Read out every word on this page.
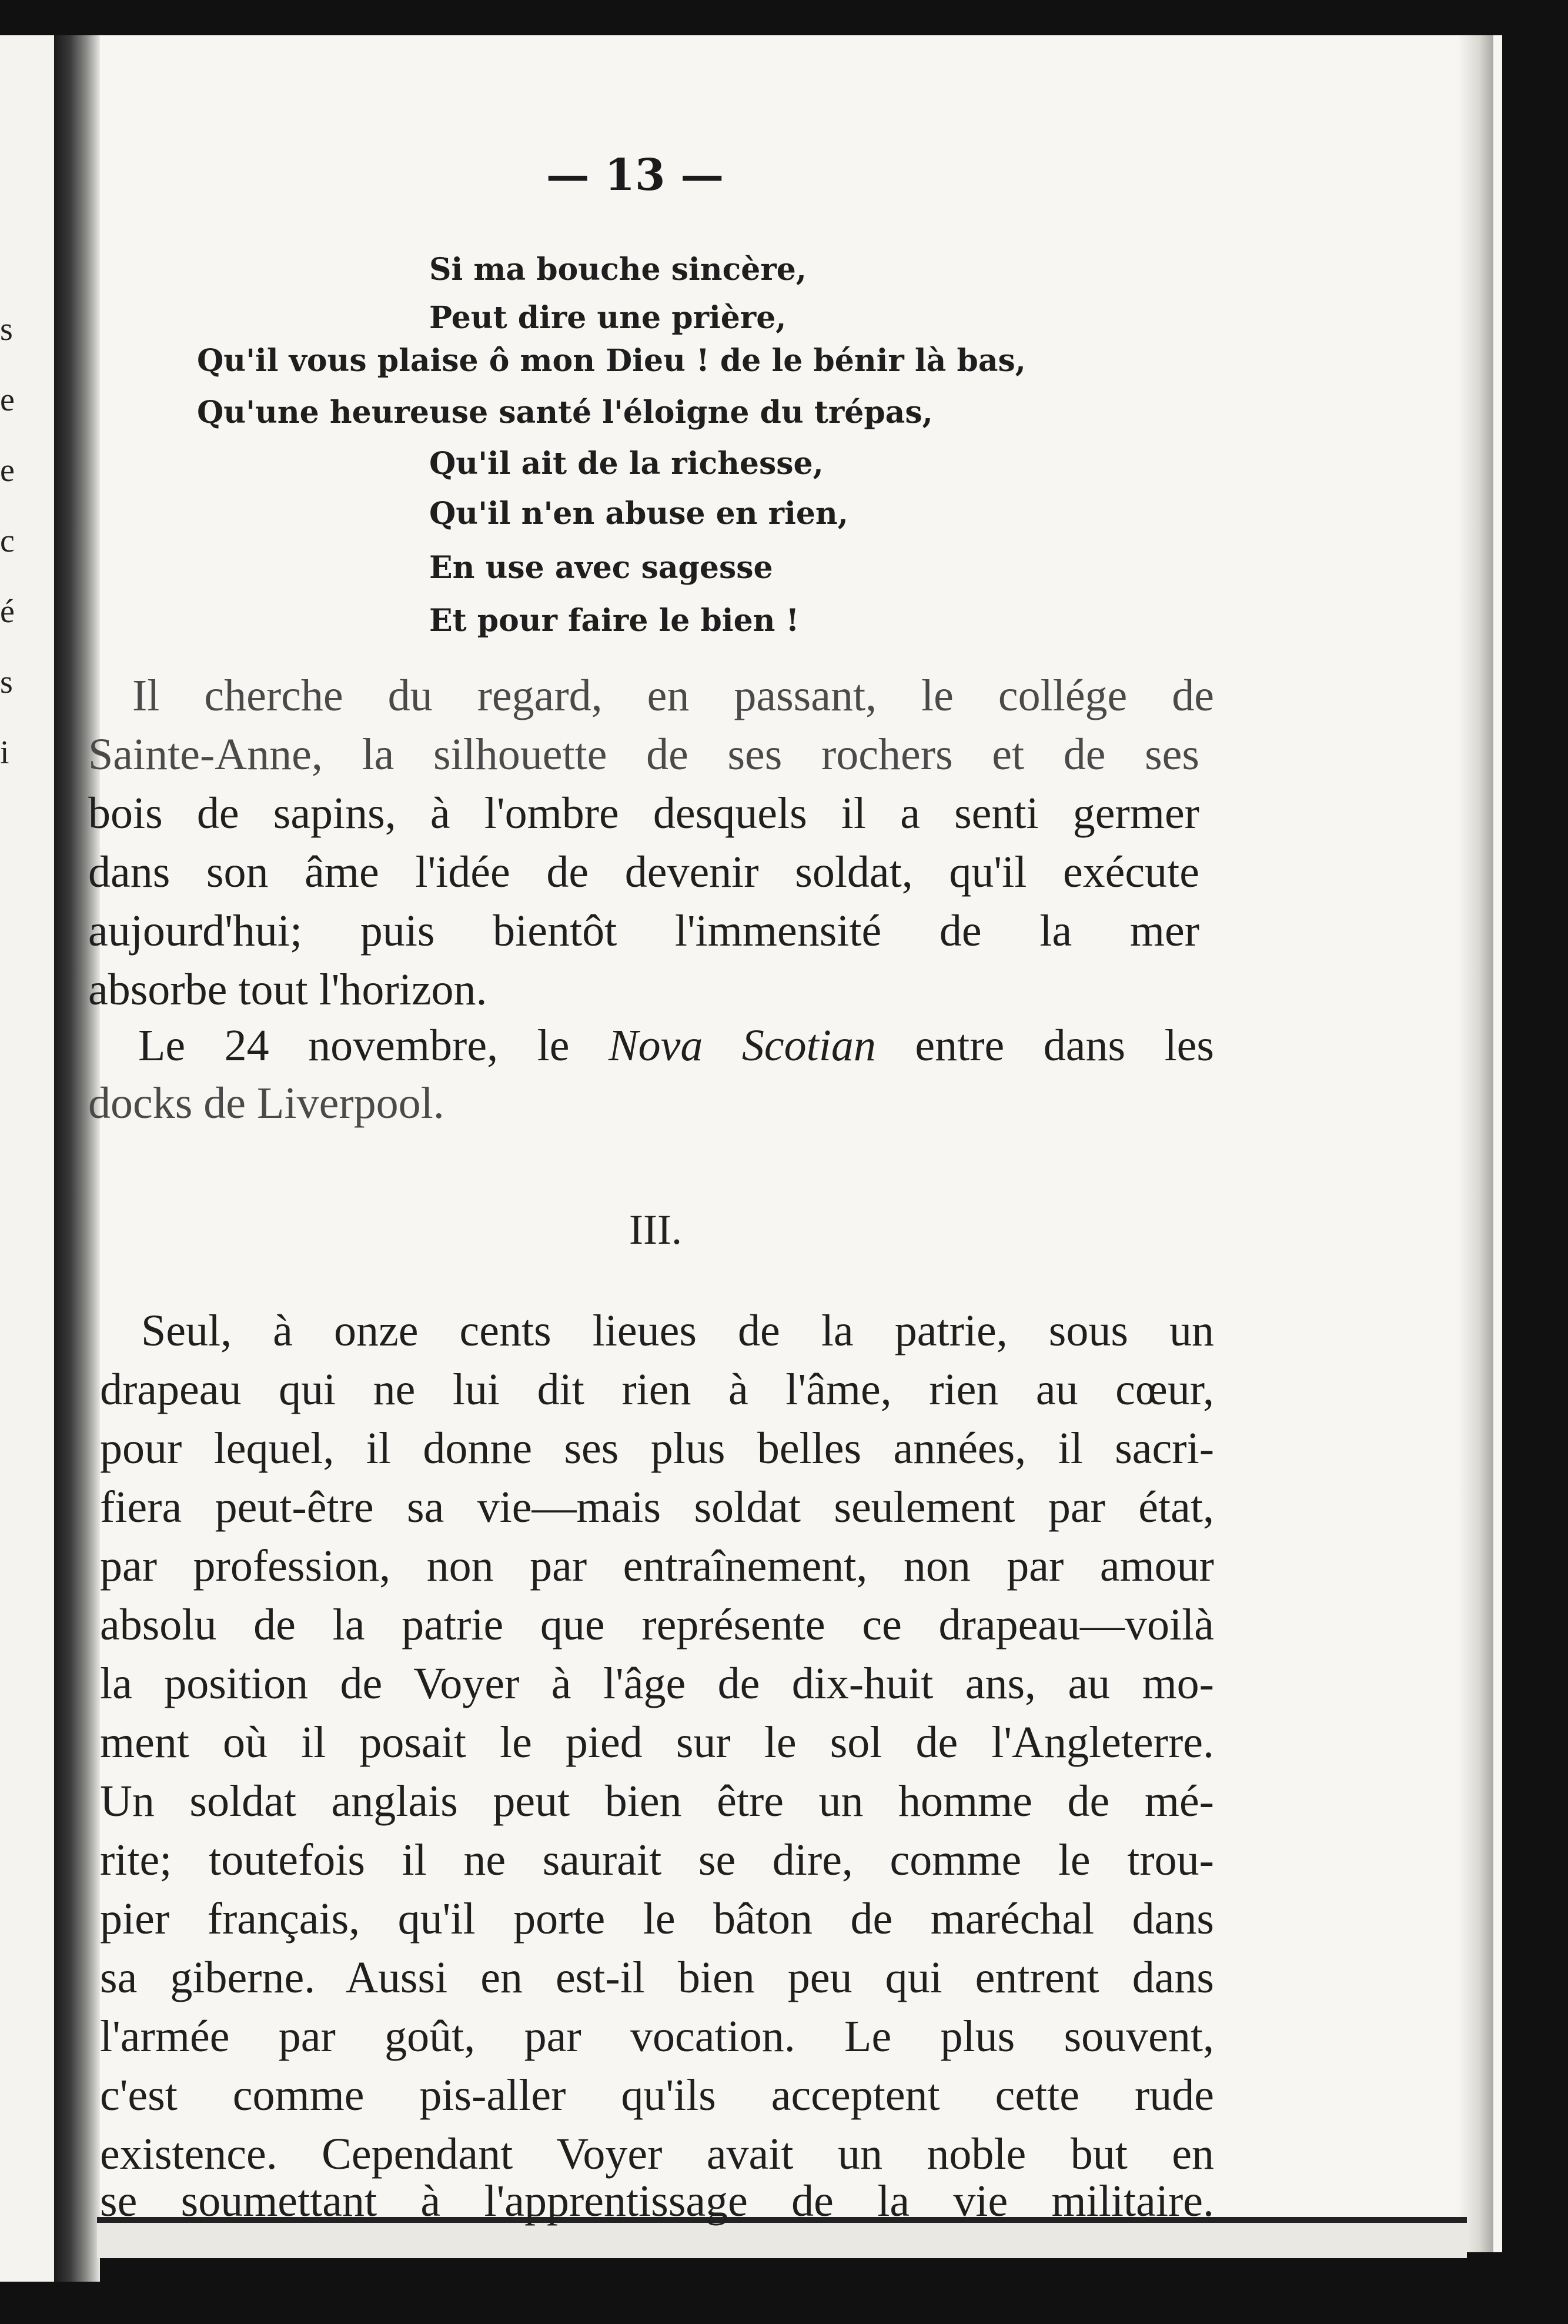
s
e
e
c
é
s
i
— 13 —
Si ma bouche sincère,
Peut dire une prière,
Qu'il vous plaise ô mon Dieu ! de le bénir là bas,
Qu'une heureuse santé l'éloigne du trépas,
Qu'il ait de la richesse,
Qu'il n'en abuse en rien,
En use avec sagesse
Et pour faire le bien !
Il cherche du regard, en passant, le collége de
Sainte-Anne, la silhouette de ses rochers et de ses
bois de sapins, à l'ombre desquels il a senti germer
dans son âme l'idée de devenir soldat, qu'il exécute
aujourd'hui; puis bientôt l'immensité de la mer
absorbe tout l'horizon.
Le 24 novembre, le Nova Scotian entre dans les
docks de Liverpool.
III.
Seul, à onze cents lieues de la patrie, sous un
drapeau qui ne lui dit rien à l'âme, rien au cœur,
pour lequel, il donne ses plus belles années, il sacri-
fiera peut-être sa vie—mais soldat seulement par état,
par profession, non par entraînement, non par amour
absolu de la patrie que représente ce drapeau—voilà
la position de Voyer à l'âge de dix-huit ans, au mo-
ment où il posait le pied sur le sol de l'Angleterre.
Un soldat anglais peut bien être un homme de mé-
rite; toutefois il ne saurait se dire, comme le trou-
pier français, qu'il porte le bâton de maréchal dans
sa giberne. Aussi en est-il bien peu qui entrent dans
l'armée par goût, par vocation. Le plus souvent,
c'est comme pis-aller qu'ils acceptent cette rude
existence. Cependant Voyer avait un noble but en
se soumettant à l'apprentissage de la vie militaire.
